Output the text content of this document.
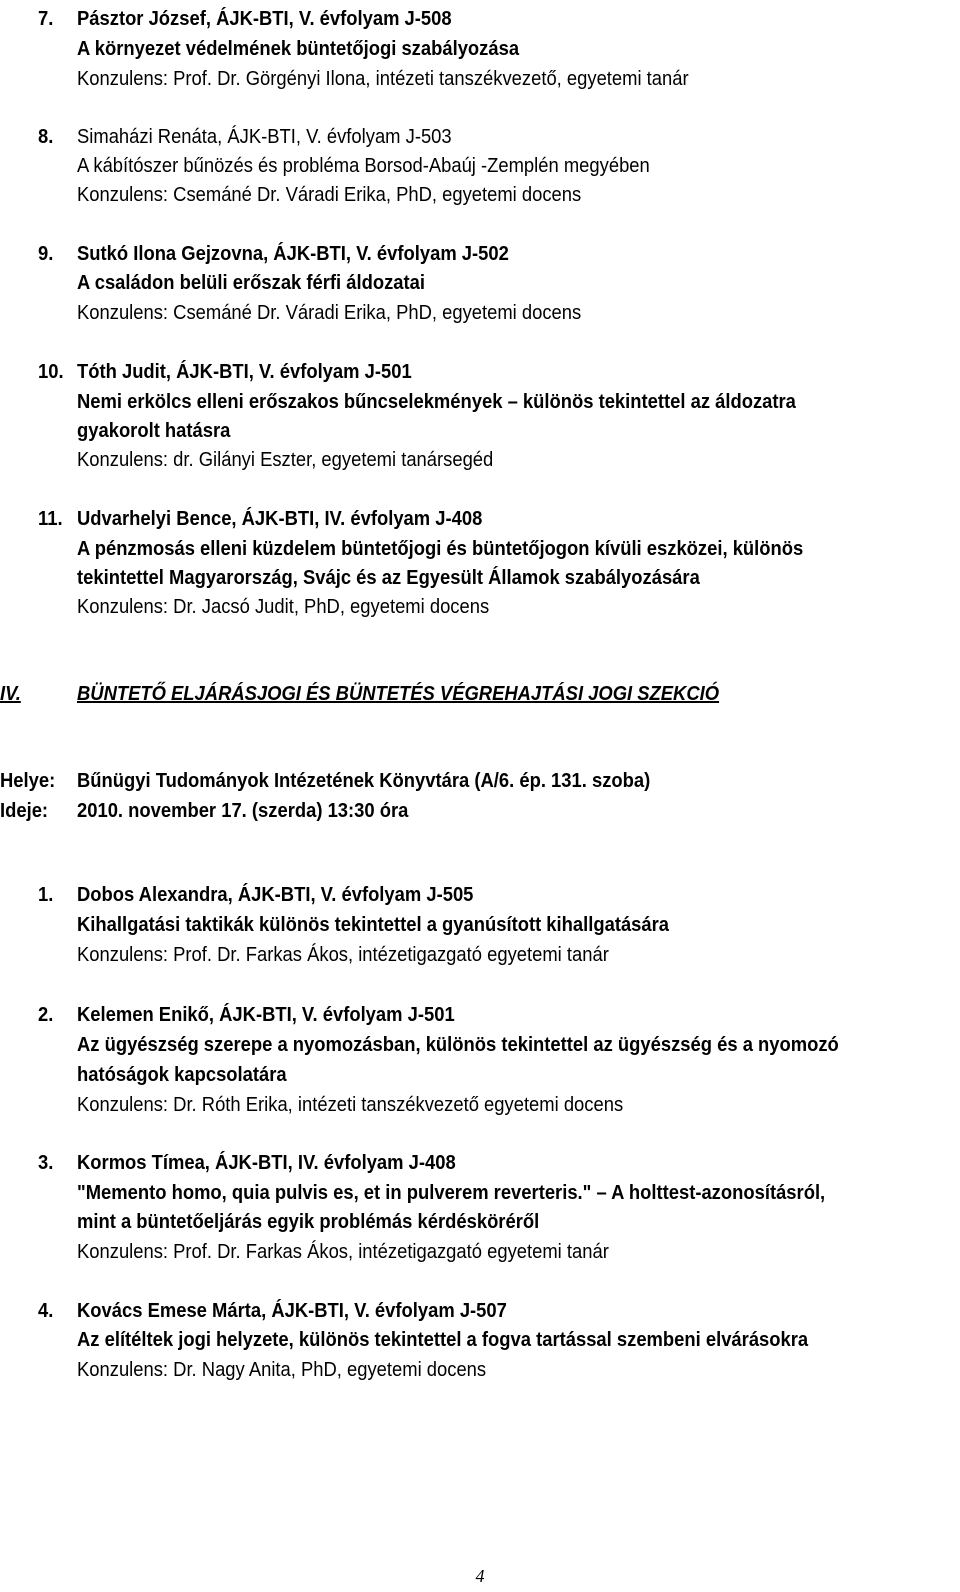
7. Pásztor József, ÁJK-BTI, V. évfolyam J-508
A környezet védelmének büntetőjogi szabályozása
Konzulens: Prof. Dr. Görgényi Ilona, intézeti tanszékvezető, egyetemi tanár
8. Simaházi Renáta, ÁJK-BTI, V. évfolyam J-503
A kábítószer bűnözés és probléma Borsod-Abaúj -Zemplén megyében
Konzulens: Csemáné Dr. Váradi Erika, PhD, egyetemi docens
9. Sutkó Ilona Gejzovna, ÁJK-BTI, V. évfolyam J-502
A családon belüli erőszak férfi áldozatai
Konzulens: Csemáné Dr. Váradi Erika, PhD, egyetemi docens
10. Tóth Judit, ÁJK-BTI, V. évfolyam J-501
Nemi erkölcs elleni erőszakos bűncselekmények – különös tekintettel az áldozatra
gyakorolt hatásra
Konzulens: dr. Gilányi Eszter, egyetemi tanársegéd
11. Udvarhelyi Bence, ÁJK-BTI, IV. évfolyam J-408
A pénzmosás elleni küzdelem büntetőjogi és büntetőjogon kívüli eszközei, különös
tekintettel Magyarország, Svájc és az Egyesült Államok szabályozására
Konzulens: Dr. Jacsó Judit, PhD, egyetemi docens
IV.	BÜNTETŐ ELJÁRÁSJOGI ÉS BÜNTETÉS VÉGREHAJTÁSI JOGI SZEKCIÓ
Helye: Bűnügyi Tudományok Intézetének Könyvtára (A/6. ép. 131. szoba)
Ideje: 2010. november 17. (szerda) 13:30 óra
1. Dobos Alexandra, ÁJK-BTI, V. évfolyam J-505
Kihallgatási taktikák különös tekintettel a gyanúsított kihallgatására
Konzulens: Prof. Dr. Farkas Ákos, intézetigazgató egyetemi tanár
2. Kelemen Enikő, ÁJK-BTI, V. évfolyam J-501
Az ügyészség szerepe a nyomozásban, különös tekintettel az ügyészség és a nyomozó
hatóságok kapcsolatára
Konzulens: Dr. Róth Erika, intézeti tanszékvezető egyetemi docens
3. Kormos Tímea, ÁJK-BTI, IV. évfolyam J-408
"Memento homo, quia pulvis es, et in pulverem reverteris." – A holttest-azonosításról,
mint a büntetőeljárás egyik problémás kérdésköréről
Konzulens: Prof. Dr. Farkas Ákos, intézetigazgató egyetemi tanár
4. Kovács Emese Márta, ÁJK-BTI, V. évfolyam J-507
Az elítéltek jogi helyzete, különös tekintettel a fogva tartással szembeni elvárásokra
Konzulens: Dr. Nagy Anita, PhD, egyetemi docens
4
